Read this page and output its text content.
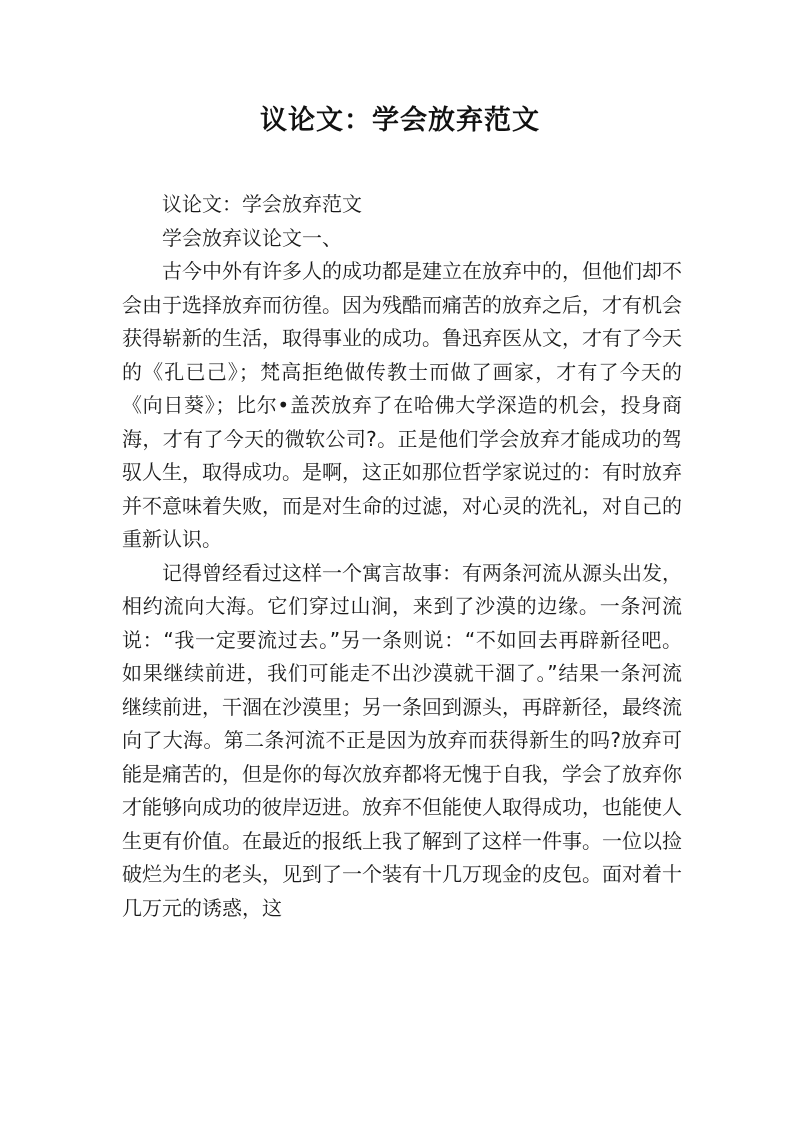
议论文：学会放弃范文

议论文：学会放弃范文

学会放弃议论文一、

古今中外有许多人的成功都是建立在放弃中的，但他们却不会由于选择放弃而彷徨。因为残酷而痛苦的放弃之后，才有机会获得崭新的生活，取得事业的成功。鲁迅弃医从文，才有了今天的《孔已己》；梵高拒绝做传教士而做了画家，才有了今天的《向日葵》；比尔•盖茨放弃了在哈佛大学深造的机会，投身商海，才有了今天的微软公司?。正是他们学会放弃才能成功的驾驭人生，取得成功。是啊，这正如那位哲学家说过的：有时放弃并不意味着失败，而是对生命的过滤，对心灵的洗礼，对自己的重新认识。

记得曾经看过这样一个寓言故事：有两条河流从源头出发，相约流向大海。它们穿过山涧，来到了沙漠的边缘。一条河流说：“我一定要流过去。”另一条则说：“不如回去再辟新径吧。如果继续前进，我们可能走不出沙漠就干涸了。”结果一条河流继续前进，干涸在沙漠里；另一条回到源头，再辟新径，最终流向了大海。第二条河流不正是因为放弃而获得新生的吗?放弃可能是痛苦的，但是你的每次放弃都将无愧于自我，学会了放弃你才能够向成功的彼岸迈进。放弃不但能使人取得成功，也能使人生更有价值。在最近的报纸上我了解到了这样一件事。一位以捡破烂为生的老头，见到了一个装有十几万现金的皮包。面对着十几万元的诱惑，这
